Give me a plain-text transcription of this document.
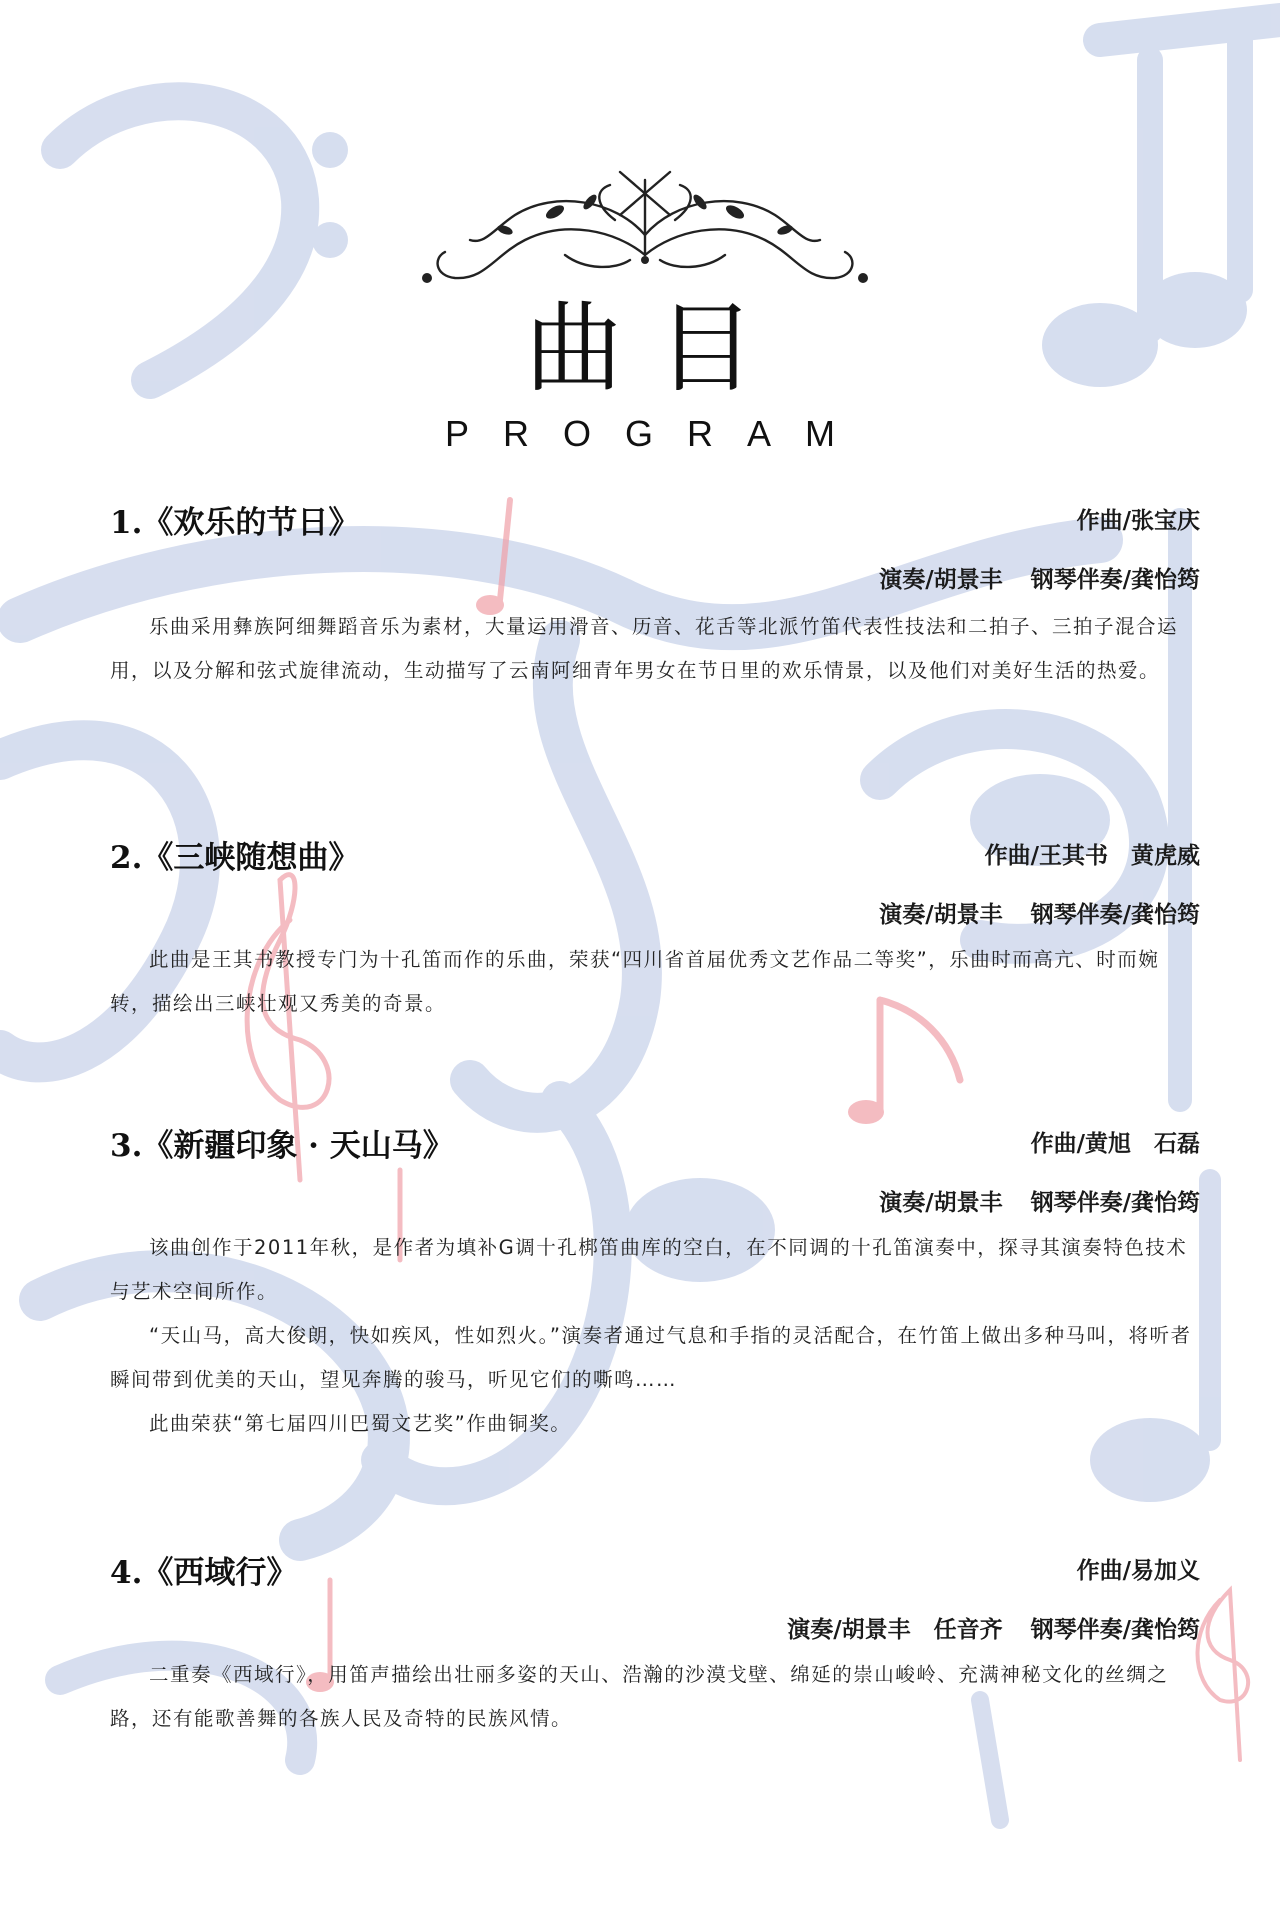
曲目
PROGRAM
1.《欢乐的节日》	作曲/张宝庆
演奏/胡景丰 钢琴伴奏/龚怡筠

乐曲采用彝族阿细舞蹈音乐为素材，大量运用滑音、历音、花舌等北派竹笛代表性技法和二拍子、三拍子混合运用，以及分解和弦式旋律流动，生动描写了云南阿细青年男女在节日里的欢乐情景，以及他们对美好生活的热爱。

2.《三峡随想曲》	作曲/王其书　黄虎威
演奏/胡景丰 钢琴伴奏/龚怡筠

此曲是王其书教授专门为十孔笛而作的乐曲，荣获“四川省首届优秀文艺作品二等奖”，乐曲时而高亢、时而婉转，描绘出三峡壮观又秀美的奇景。

3.《新疆印象 · 天山马》	作曲/黄旭　石磊
演奏/胡景丰 钢琴伴奏/龚怡筠

该曲创作于2011年秋，是作者为填补G调十孔梆笛曲库的空白，在不同调的十孔笛演奏中，探寻其演奏特色技术与艺术空间所作。

“天山马，高大俊朗，快如疾风，性如烈火。”演奏者通过气息和手指的灵活配合，在竹笛上做出多种马叫，将听者瞬间带到优美的天山，望见奔腾的骏马，听见它们的嘶鸣……

此曲荣获“第七届四川巴蜀文艺奖”作曲铜奖。

4.《西域行》	作曲/易加义
演奏/胡景丰　任音齐 钢琴伴奏/龚怡筠

二重奏《西域行》，用笛声描绘出壮丽多姿的天山、浩瀚的沙漠戈壁、绵延的崇山峻岭、充满神秘文化的丝绸之路，还有能歌善舞的各族人民及奇特的民族风情。
